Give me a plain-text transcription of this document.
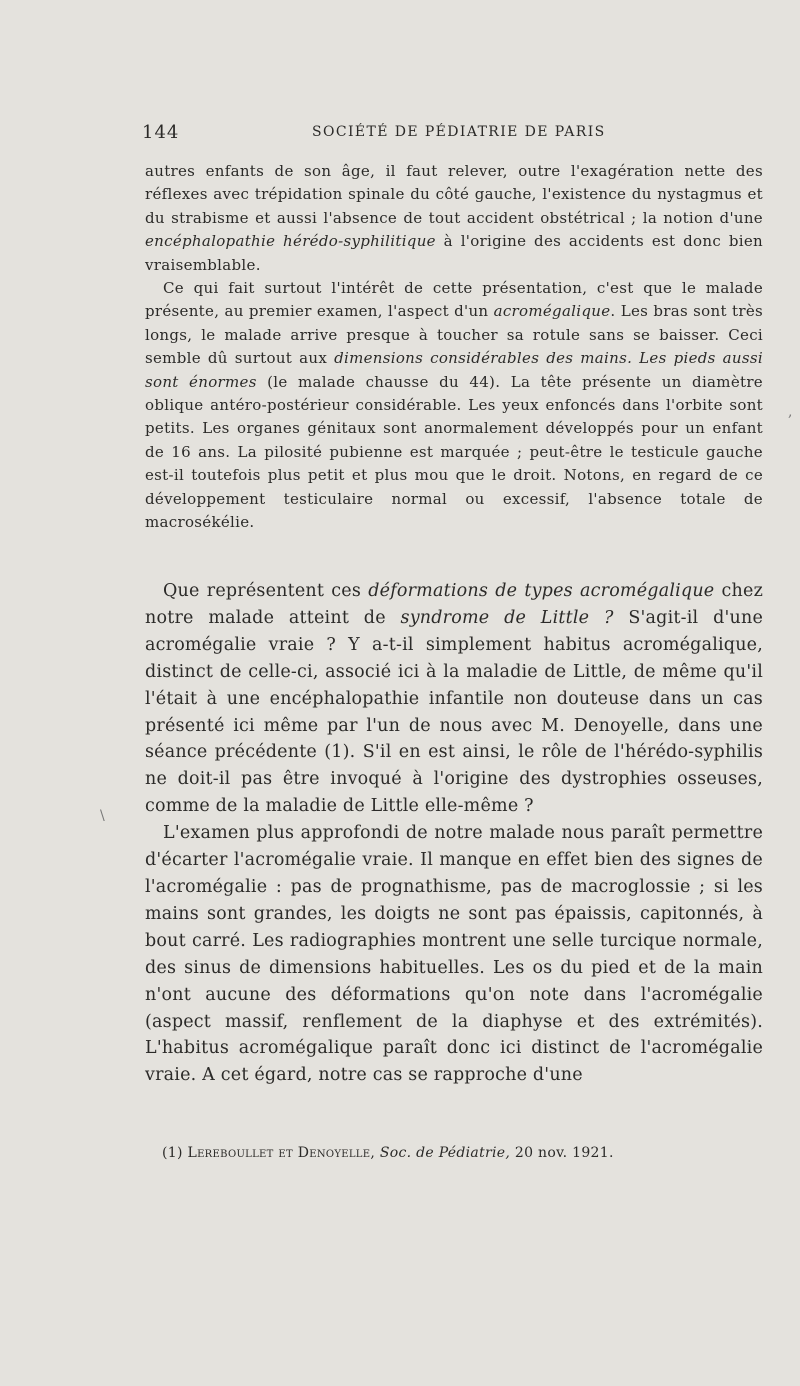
144	SOCIÉTÉ DE PÉDIATRIE DE PARIS

autres enfants de son âge, il faut relever, outre l'exagération nette des réflexes avec trépidation spinale du côté gauche, l'existence du nystagmus et du strabisme et aussi l'absence de tout accident obstétrical ; la notion d'une encéphalopathie hérédo-syphilitique à l'origine des accidents est donc bien vraisemblable.

Ce qui fait surtout l'intérêt de cette présentation, c'est que le malade présente, au premier examen, l'aspect d'un acromégalique. Les bras sont très longs, le malade arrive presque à toucher sa rotule sans se baisser. Ceci semble dû surtout aux dimensions considérables des mains. Les pieds aussi sont énormes (le malade chausse du 44). La tête présente un diamètre oblique antéro-postérieur considérable. Les yeux enfoncés dans l'orbite sont petits. Les organes génitaux sont anormalement développés pour un enfant de 16 ans. La pilosité pubienne est marquée ; peut-être le testicule gauche est-il toutefois plus petit et plus mou que le droit. Notons, en regard de ce développement testiculaire normal ou excessif, l'absence totale de macrosékélie.

Que représentent ces déformations de types acromégalique chez notre malade atteint de syndrome de Little ? S'agit-il d'une acromégalie vraie ? Y a-t-il simplement habitus acromégalique, distinct de celle-ci, associé ici à la maladie de Little, de même qu'il l'était à une encéphalopathie infantile non douteuse dans un cas présenté ici même par l'un de nous avec M. Denoyelle, dans une séance précédente (1). S'il en est ainsi, le rôle de l'hérédo-syphilis ne doit-il pas être invoqué à l'origine des dystrophies osseuses, comme de la maladie de Little elle-même ?

L'examen plus approfondi de notre malade nous paraît permettre d'écarter l'acromégalie vraie. Il manque en effet bien des signes de l'acromégalie : pas de prognathisme, pas de macroglossie ; si les mains sont grandes, les doigts ne sont pas épaissis, capitonnés, à bout carré. Les radiographies montrent une selle turcique normale, des sinus de dimensions habituelles. Les os du pied et de la main n'ont aucune des déformations qu'on note dans l'acromégalie (aspect massif, renflement de la diaphyse et des extrémités). L'habitus acromégalique paraît donc ici distinct de l'acromégalie vraie. A cet égard, notre cas se rapproche d'une

(1) Lereboullet et Denoyelle, Soc. de Pédiatrie, 20 nov. 1921.
,
\
